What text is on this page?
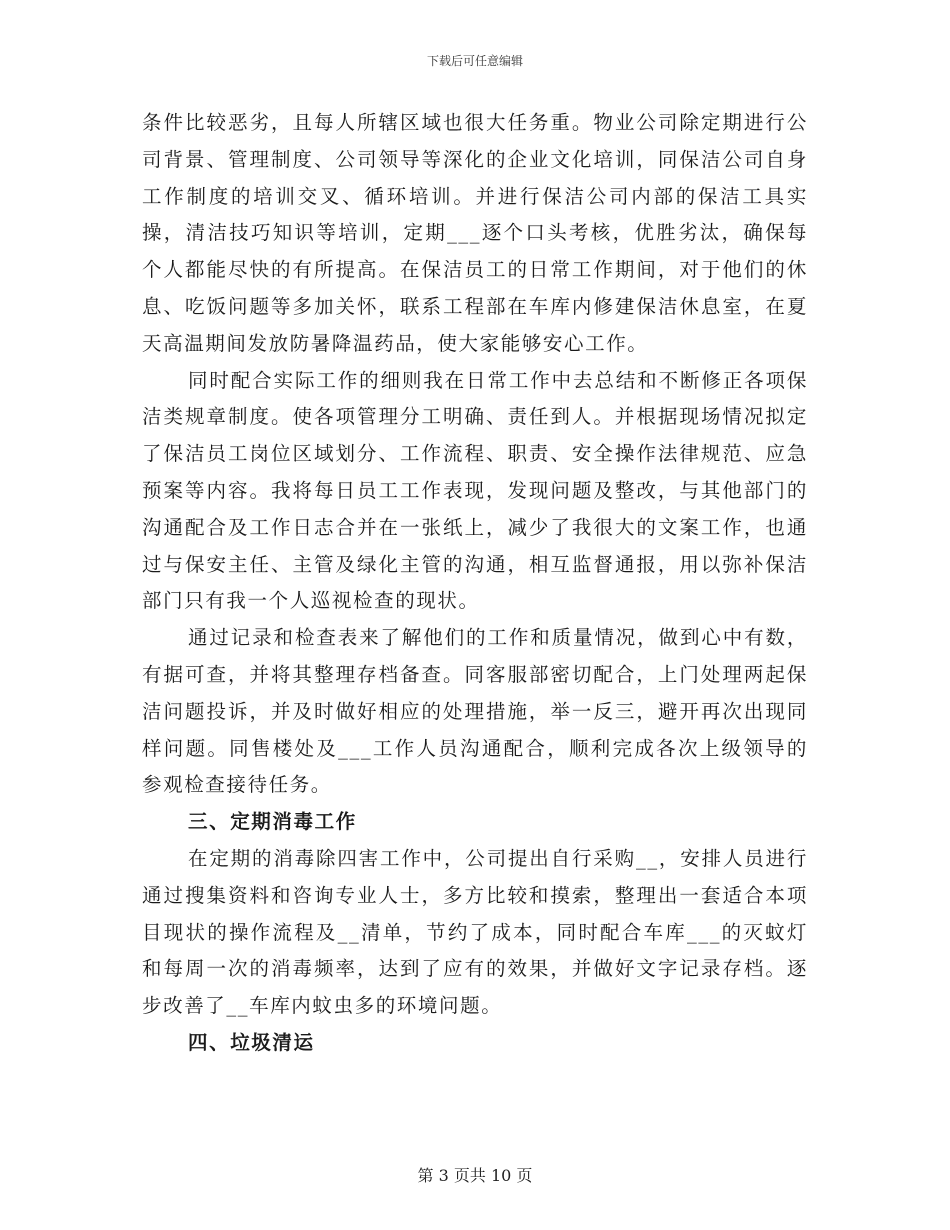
下载后可任意编辑

条件比较恶劣，且每人所辖区域也很大任务重。物业公司除定期进行公司背景、管理制度、公司领导等深化的企业文化培训，同保洁公司自身工作制度的培训交叉、循环培训。并进行保洁公司内部的保洁工具实操，清洁技巧知识等培训，定期___逐个口头考核，优胜劣汰，确保每个人都能尽快的有所提高。在保洁员工的日常工作期间，对于他们的休息、吃饭问题等多加关怀，联系工程部在车库内修建保洁休息室，在夏天高温期间发放防暑降温药品，使大家能够安心工作。

同时配合实际工作的细则我在日常工作中去总结和不断修正各项保洁类规章制度。使各项管理分工明确、责任到人。并根据现场情况拟定了保洁员工岗位区域划分、工作流程、职责、安全操作法律规范、应急预案等内容。我将每日员工工作表现，发现问题及整改，与其他部门的沟通配合及工作日志合并在一张纸上，减少了我很大的文案工作，也通过与保安主任、主管及绿化主管的沟通，相互监督通报，用以弥补保洁部门只有我一个人巡视检查的现状。

通过记录和检查表来了解他们的工作和质量情况，做到心中有数，有据可查，并将其整理存档备查。同客服部密切配合，上门处理两起保洁问题投诉，并及时做好相应的处理措施，举一反三，避开再次出现同样问题。同售楼处及___工作人员沟通配合，顺利完成各次上级领导的参观检查接待任务。

三、定期消毒工作

在定期的消毒除四害工作中，公司提出自行采购__，安排人员进行通过搜集资料和咨询专业人士，多方比较和摸索，整理出一套适合本项目现状的操作流程及__清单，节约了成本，同时配合车库___的灭蚊灯和每周一次的消毒频率，达到了应有的效果，并做好文字记录存档。逐步改善了__车库内蚊虫多的环境问题。

四、垃圾清运

第 3 页共 10 页
